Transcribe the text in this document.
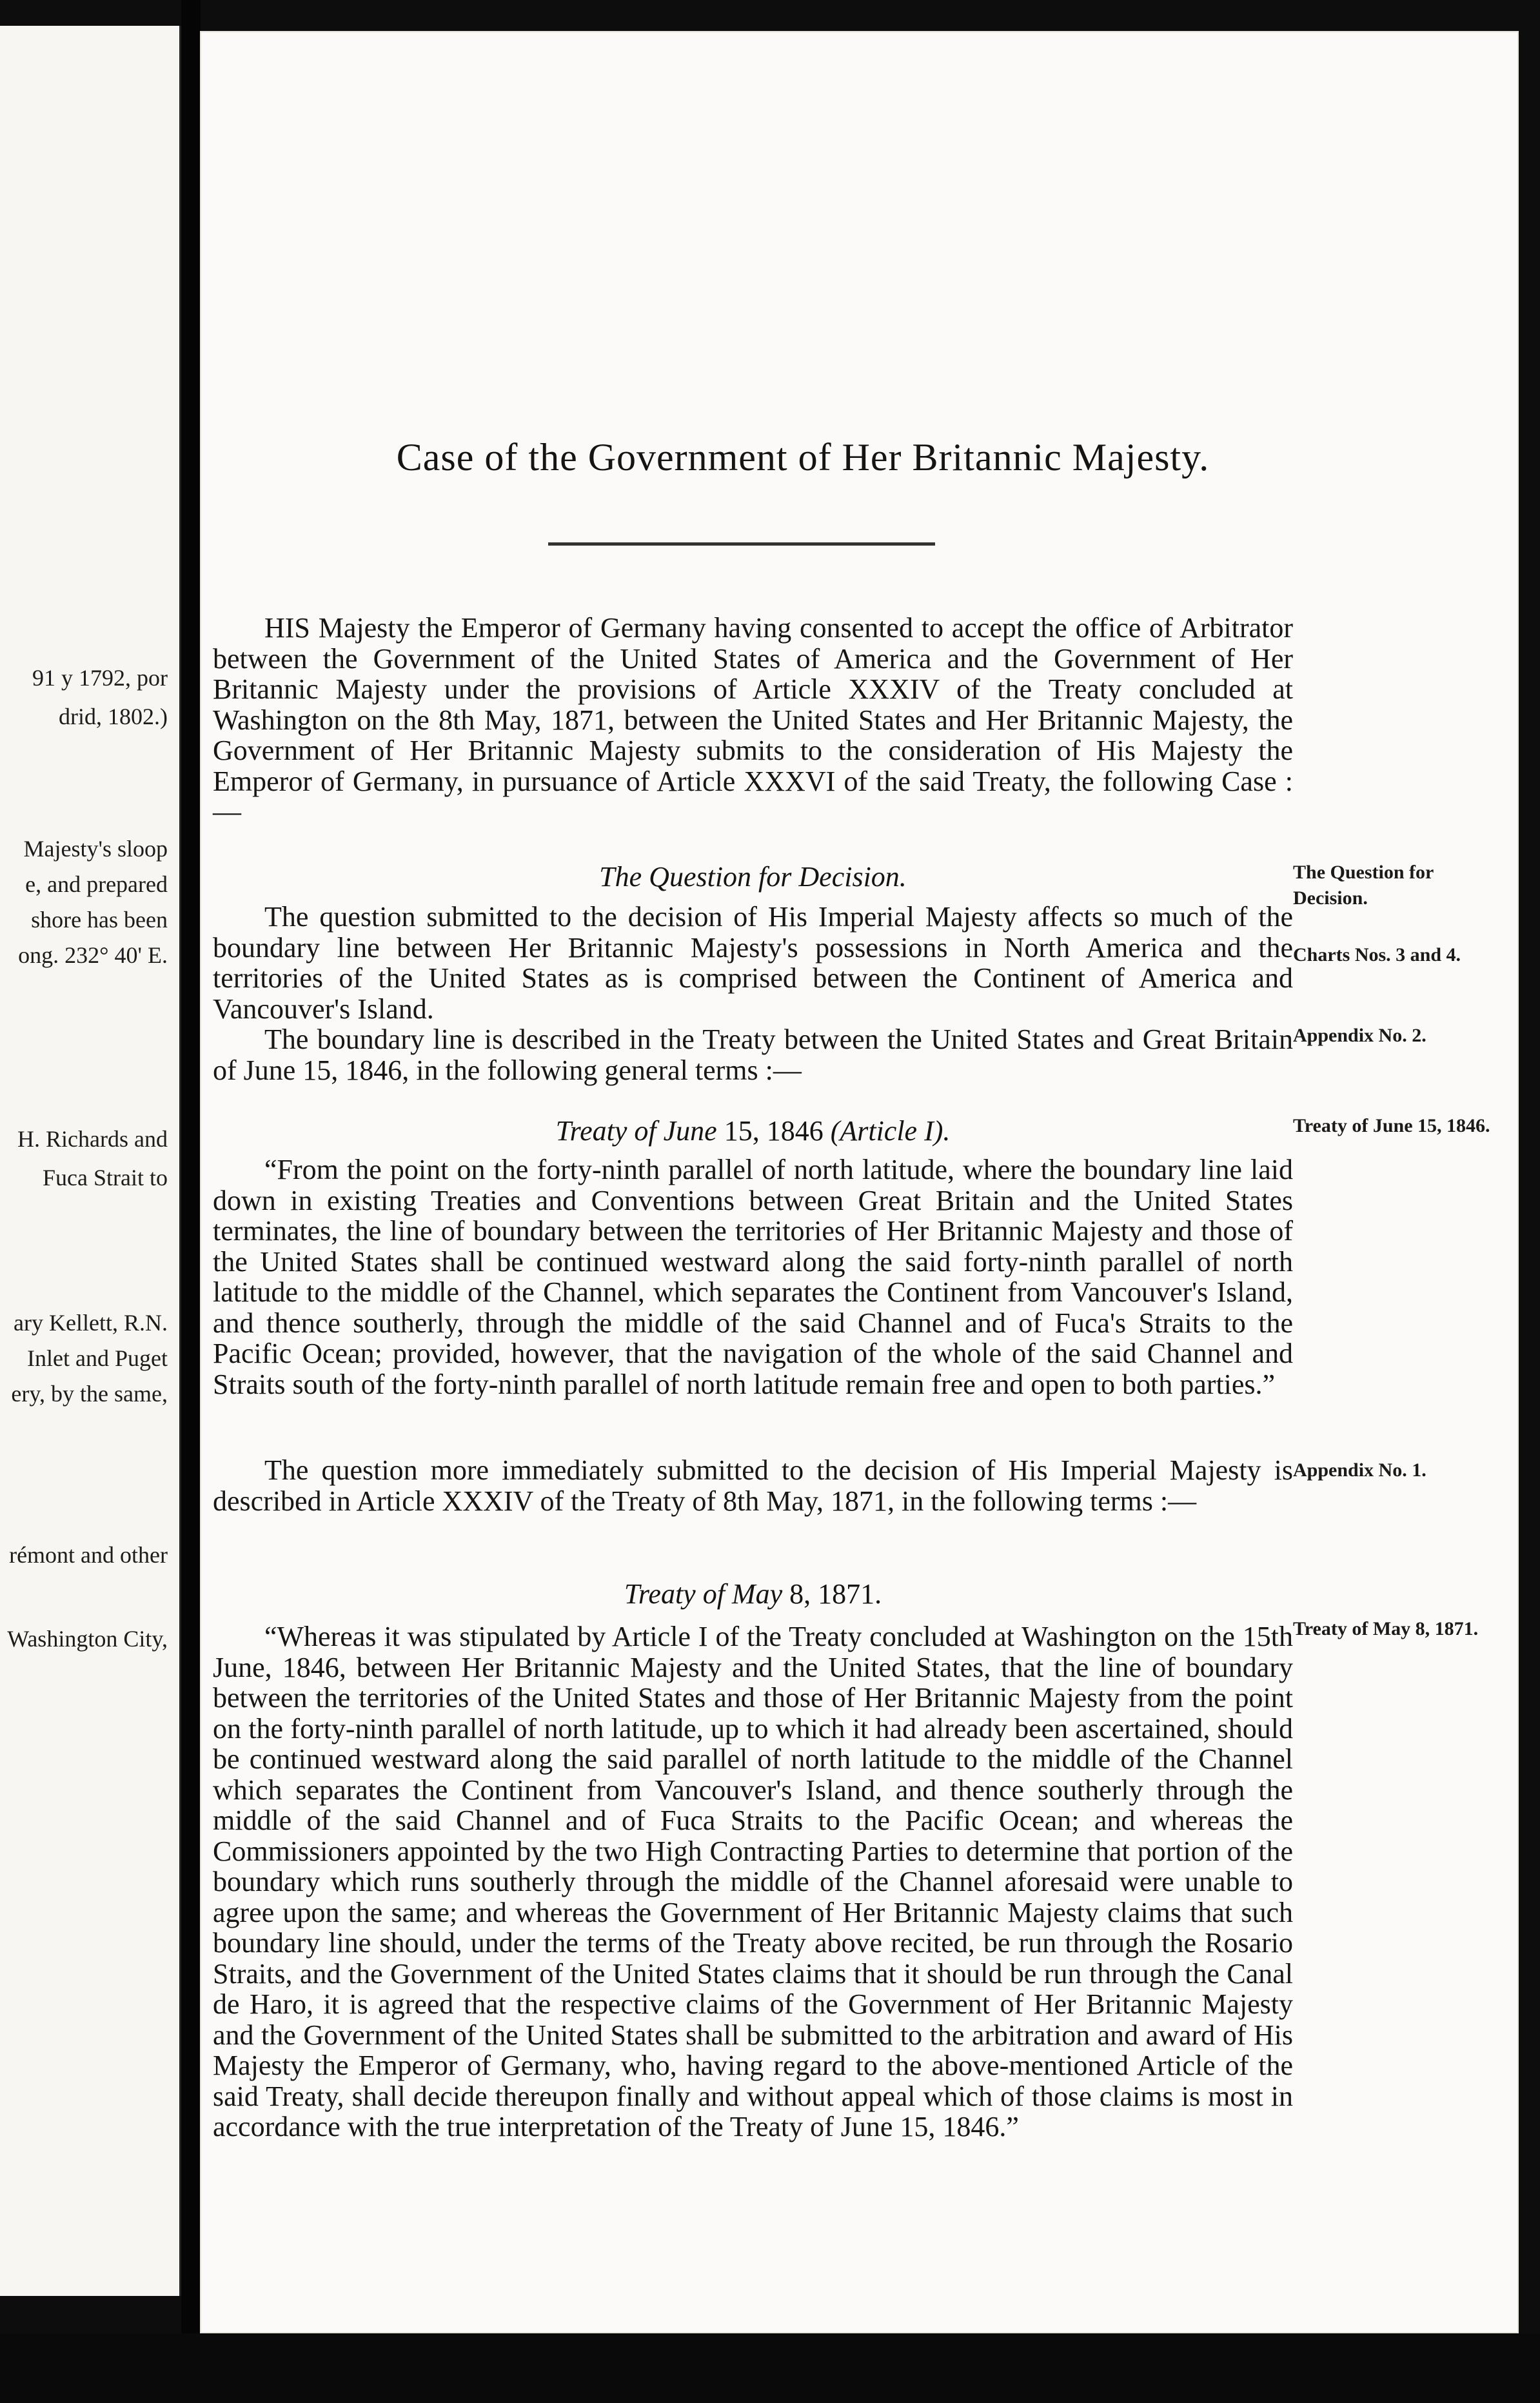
91 y 1792, por
drid, 1802.)
Majesty's sloop
e, and prepared
shore has been
ong. 232° 40' E.
H. Richards and
Fuca Strait to
ary Kellett, R.N.
Inlet and Puget
ery, by the same,
rémont and other
Washington City,
Case of the Government of Her Britannic Majesty.

HIS Majesty the Emperor of Germany having consented to accept the office of Arbitrator between the Government of the United States of America and the Government of Her Britannic Majesty under the provisions of Article XXXIV of the Treaty concluded at Washington on the 8th May, 1871, between the United States and Her Britannic Majesty, the Government of Her Britannic Majesty submits to the consideration of His Majesty the Emperor of Germany, in pursuance of Article XXXVI of the said Treaty, the following Case :—

The Question for Decision.

The question submitted to the decision of His Imperial Majesty affects so much of the boundary line between Her Britannic Majesty's possessions in North America and the territories of the United States as is comprised between the Continent of America and Vancouver's Island.

The boundary line is described in the Treaty between the United States and Great Britain of June 15, 1846, in the following general terms :—

Treaty of June 15, 1846 (Article I).

“From the point on the forty-ninth parallel of north latitude, where the boundary line laid down in existing Treaties and Conventions between Great Britain and the United States terminates, the line of boundary between the territories of Her Britannic Majesty and those of the United States shall be continued westward along the said forty-ninth parallel of north latitude to the middle of the Channel, which separates the Continent from Vancouver's Island, and thence southerly, through the middle of the said Channel and of Fuca's Straits to the Pacific Ocean; provided, however, that the navigation of the whole of the said Channel and Straits south of the forty-ninth parallel of north latitude remain free and open to both parties.”

The question more immediately submitted to the decision of His Imperial Majesty is described in Article XXXIV of the Treaty of 8th May, 1871, in the following terms :—

Treaty of May 8, 1871.

“Whereas it was stipulated by Article I of the Treaty concluded at Washington on the 15th June, 1846, between Her Britannic Majesty and the United States, that the line of boundary between the territories of the United States and those of Her Britannic Majesty from the point on the forty-ninth parallel of north latitude, up to which it had already been ascertained, should be continued westward along the said parallel of north latitude to the middle of the Channel which separates the Continent from Vancouver's Island, and thence southerly through the middle of the said Channel and of Fuca Straits to the Pacific Ocean; and whereas the Commissioners appointed by the two High Contracting Parties to determine that portion of the boundary which runs southerly through the middle of the Channel aforesaid were unable to agree upon the same; and whereas the Government of Her Britannic Majesty claims that such boundary line should, under the terms of the Treaty above recited, be run through the Rosario Straits, and the Government of the United States claims that it should be run through the Canal de Haro, it is agreed that the respective claims of the Government of Her Britannic Majesty and the Government of the United States shall be submitted to the arbitration and award of His Majesty the Emperor of Germany, who, having regard to the above-mentioned Article of the said Treaty, shall decide thereupon finally and without appeal which of those claims is most in accordance with the true interpretation of the Treaty of June 15, 1846.”

The Question for Decision.
Charts Nos. 3 and 4.
Appendix No. 2.
Treaty of June 15, 1846.
Appendix No. 1.
Treaty of May 8, 1871.
